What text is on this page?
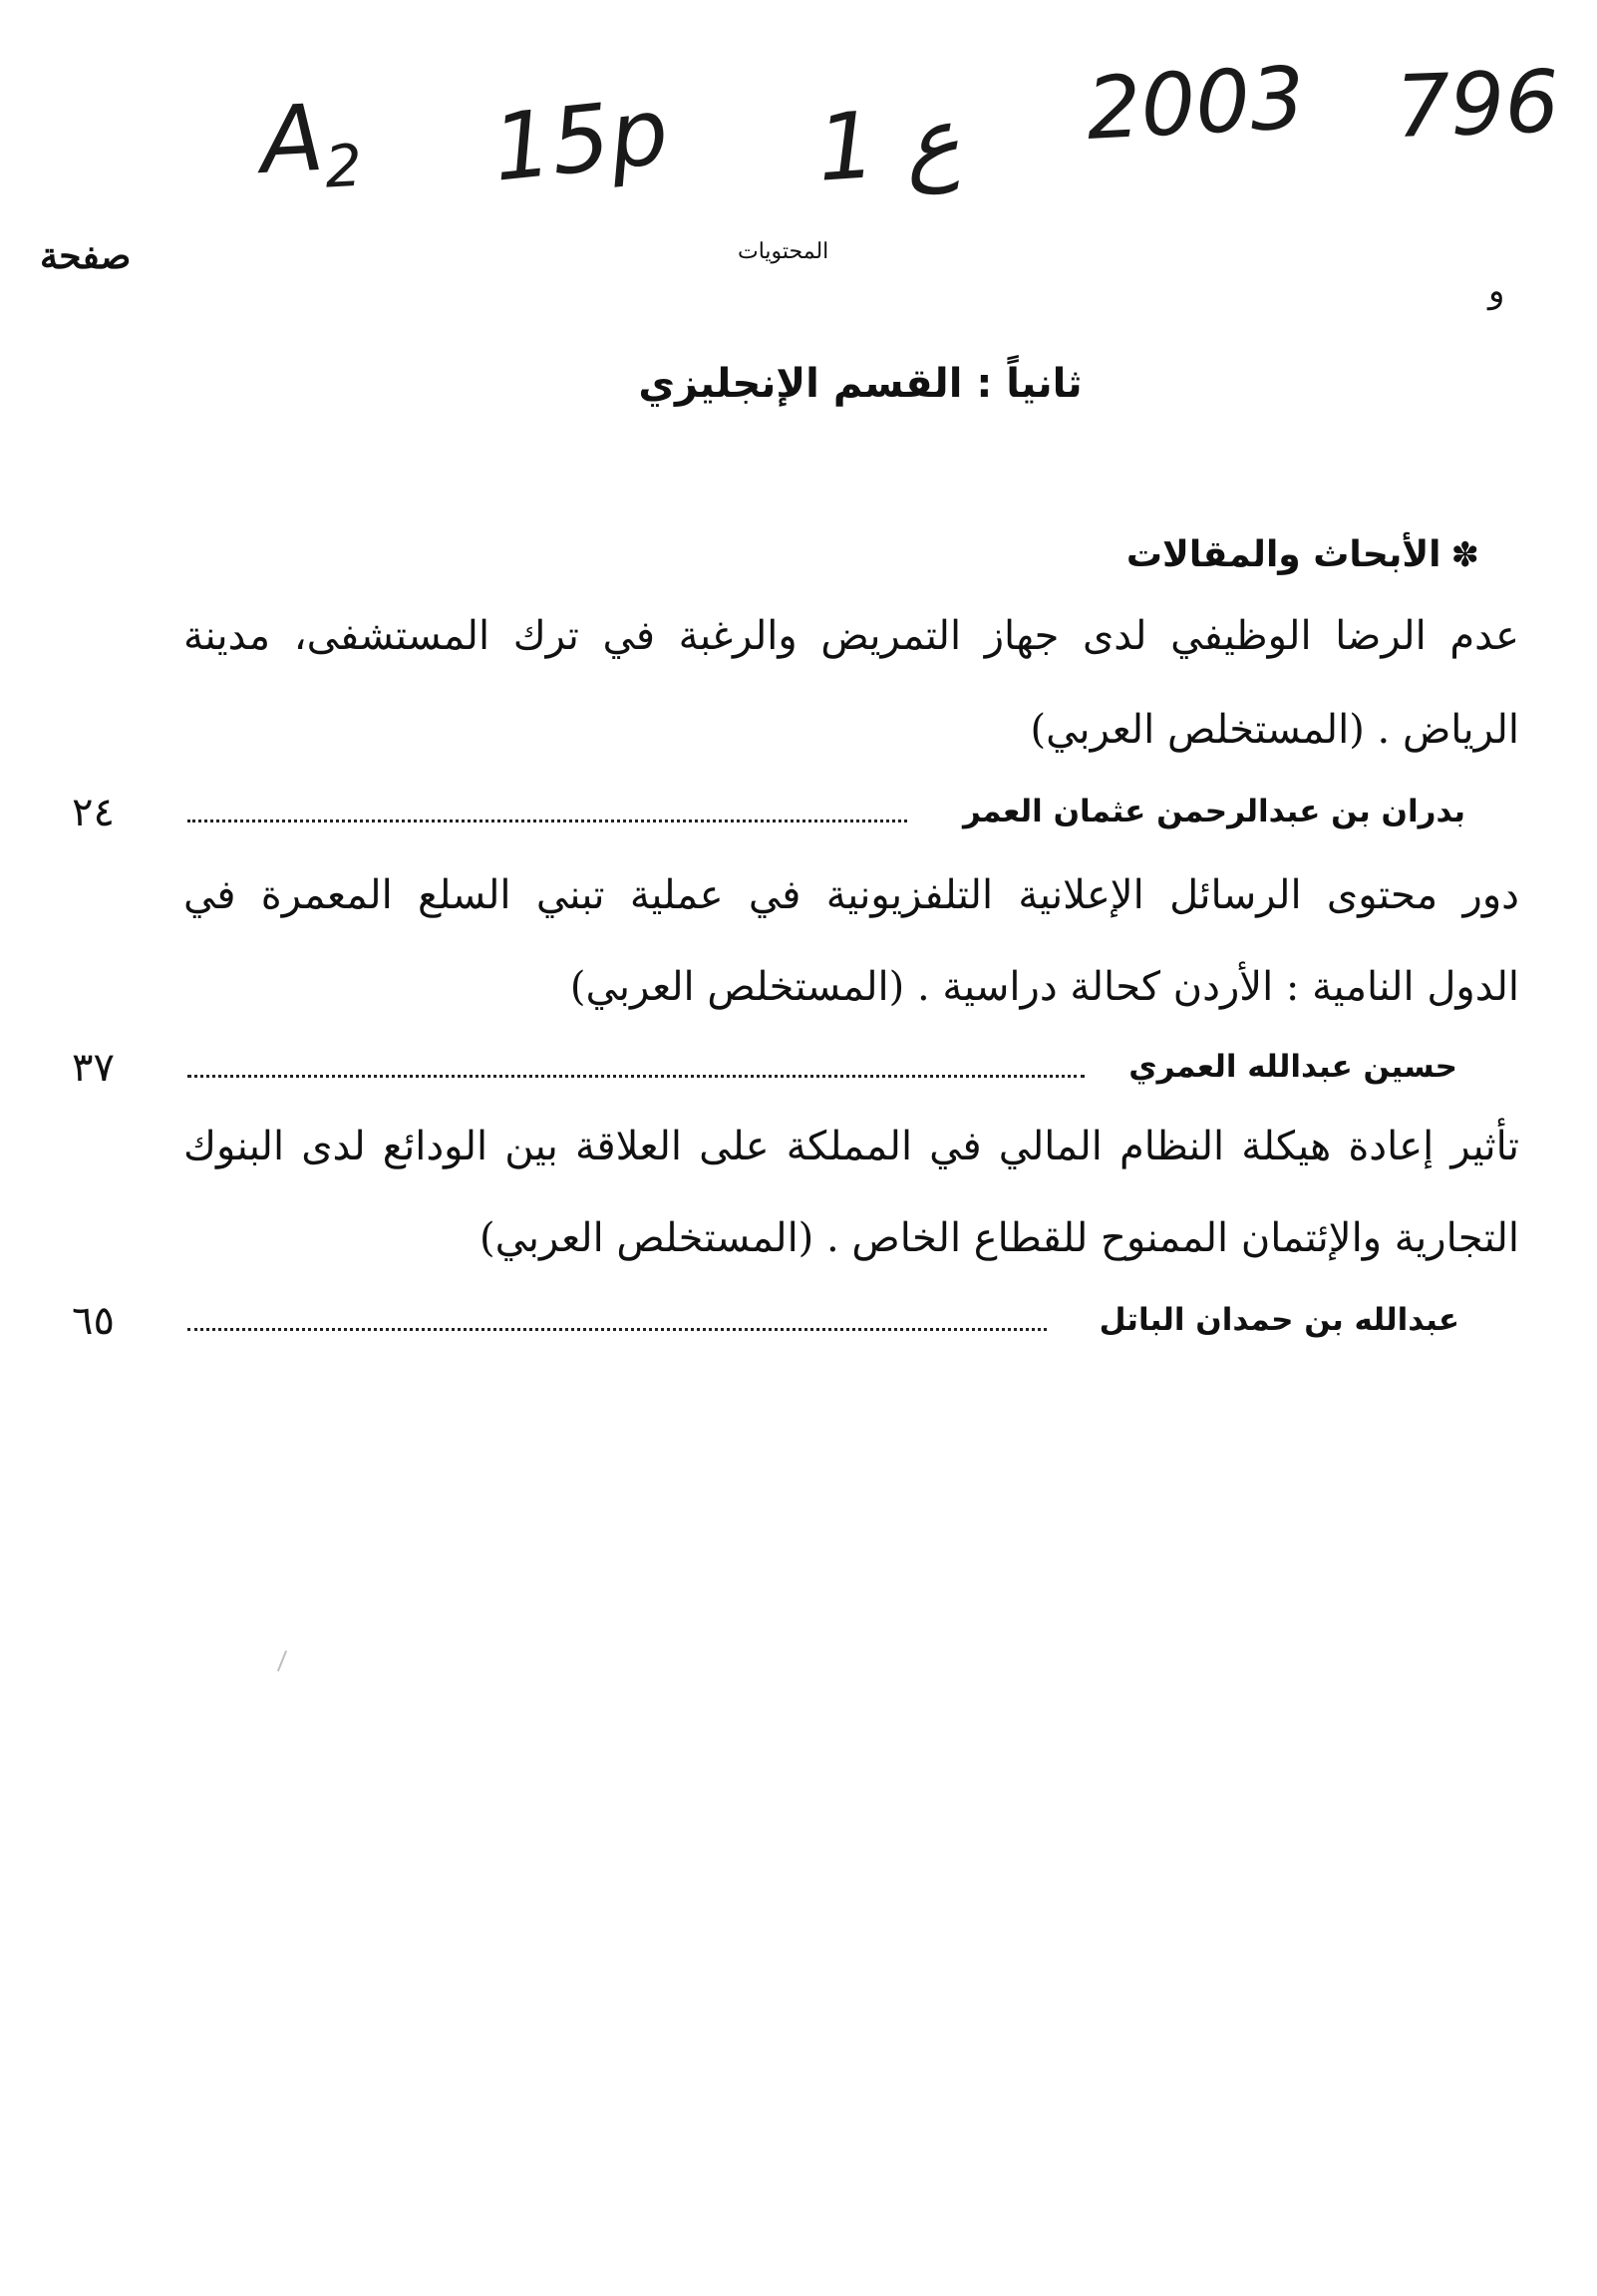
$A_2$ 15p 1 ع 2003 796
صفحة	المحتويات
و
ثانياً : القسم الإنجليزي
✽الأبحاث والمقالات
عدم الرضا الوظيفي لدى جهاز التمريض والرغبة في ترك المستشفى، مدينة
الرياض . (المستخلص العربي)
٢٤	بدران بن عبدالرحمن عثمان العمر
دور محتوى الرسائل الإعلانية التلفزيونية في عملية تبني السلع المعمرة في
الدول النامية : الأردن كحالة دراسية . (المستخلص العربي)
٣٧	حسين عبدالله العمري
تأثير إعادة هيكلة النظام المالي في المملكة على العلاقة بين الودائع لدى البنوك
التجارية والإئتمان الممنوح للقطاع الخاص . (المستخلص العربي)
٦٥	عبدالله بن حمدان الباتل
